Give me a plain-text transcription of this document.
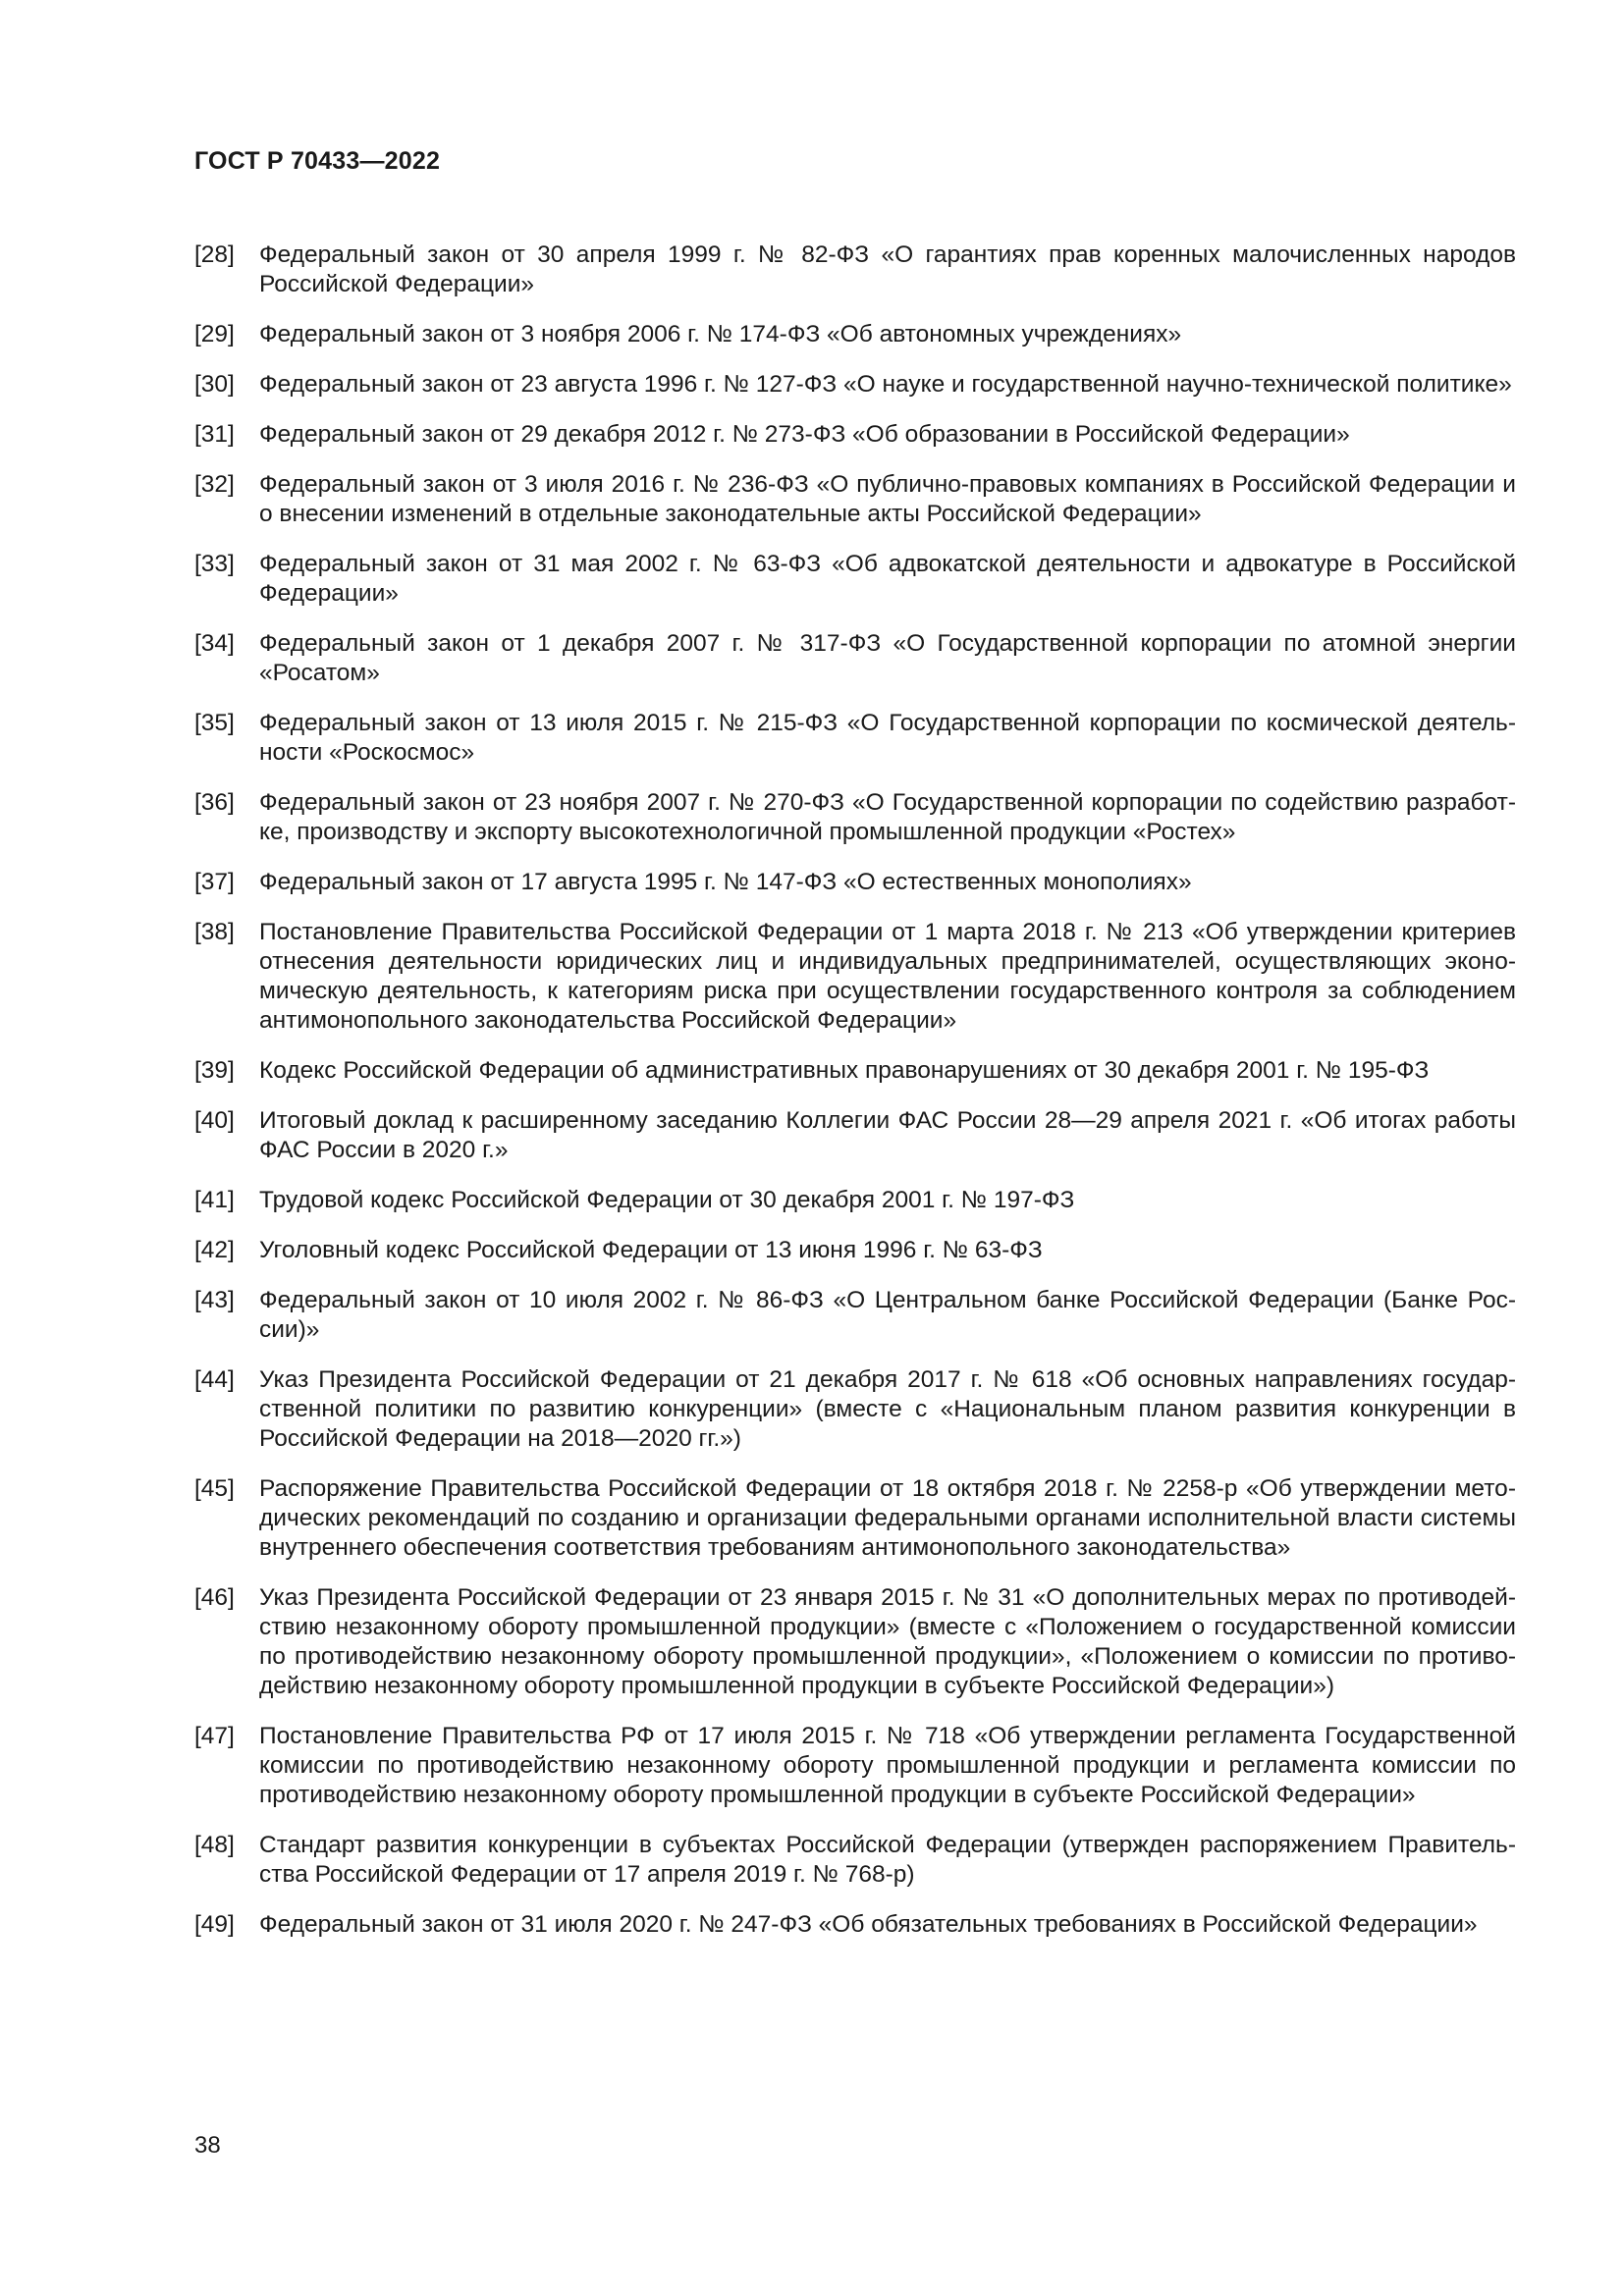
ГОСТ Р 70433—2022
[28]	Федеральный закон от 30 апреля 1999 г. № 82-ФЗ «О гарантиях прав коренных малочисленных народов Российской Федерации»
[29]	Федеральный закон от 3 ноября 2006 г. № 174-ФЗ «Об автономных учреждениях»
[30]	Федеральный закон от 23 августа 1996 г. № 127-ФЗ «О науке и государственной научно-технической политике»
[31]	Федеральный закон от 29 декабря 2012 г. № 273-ФЗ «Об образовании в Российской Федерации»
[32]	Федеральный закон от 3 июля 2016 г. № 236-ФЗ «О публично-правовых компаниях в Российской Федерации и о внесении изменений в отдельные законодательные акты Российской Федерации»
[33]	Федеральный закон от 31 мая 2002 г. № 63-ФЗ «Об адвокатской деятельности и адвокатуре в Российской Федерации»
[34]	Федеральный закон от 1 декабря 2007 г. № 317-ФЗ «О Государственной корпорации по атомной энергии «Росатом»
[35]	Федеральный закон от 13 июля 2015 г. № 215-ФЗ «О Государственной корпорации по космической деятельности «Роскосмос»
[36]	Федеральный закон от 23 ноября 2007 г. № 270-ФЗ «О Государственной корпорации по содействию разработке, производству и экспорту высокотехнологичной промышленной продукции «Ростех»
[37]	Федеральный закон от 17 августа 1995 г. № 147-ФЗ «О естественных монополиях»
[38]	Постановление Правительства Российской Федерации от 1 марта 2018 г. № 213 «Об утверждении критериев отнесения деятельности юридических лиц и индивидуальных предпринимателей, осуществляющих экономическую деятельность, к категориям риска при осуществлении государственного контроля за соблюдением антимонопольного законодательства Российской Федерации»
[39]	Кодекс Российской Федерации об административных правонарушениях от 30 декабря 2001 г. № 195-ФЗ
[40]	Итоговый доклад к расширенному заседанию Коллегии ФАС России 28—29 апреля 2021 г. «Об итогах работы ФАС России в 2020 г.»
[41]	Трудовой кодекс Российской Федерации от 30 декабря 2001 г. № 197-ФЗ
[42]	Уголовный кодекс Российской Федерации от 13 июня 1996 г. № 63-ФЗ
[43]	Федеральный закон от 10 июля 2002 г. № 86-ФЗ «О Центральном банке Российской Федерации (Банке России)»
[44]	Указ Президента Российской Федерации от 21 декабря 2017 г. № 618 «Об основных направлениях государственной политики по развитию конкуренции» (вместе с «Национальным планом развития конкуренции в Российской Федерации на 2018—2020 гг.»)
[45]	Распоряжение Правительства Российской Федерации от 18 октября 2018 г. № 2258-р «Об утверждении методических рекомендаций по созданию и организации федеральными органами исполнительной власти системы внутреннего обеспечения соответствия требованиям антимонопольного законодательства»
[46]	Указ Президента Российской Федерации от 23 января 2015 г. № 31 «О дополнительных мерах по противодействию незаконному обороту промышленной продукции» (вместе с «Положением о государственной комиссии по противодействию незаконному обороту промышленной продукции», «Положением о комиссии по противодействию незаконному обороту промышленной продукции в субъекте Российской Федерации»)
[47]	Постановление Правительства РФ от 17 июля 2015 г. № 718 «Об утверждении регламента Государственной комиссии по противодействию незаконному обороту промышленной продукции и регламента комиссии по противодействию незаконному обороту промышленной продукции в субъекте Российской Федерации»
[48]	Стандарт развития конкуренции в субъектах Российской Федерации (утвержден распоряжением Правительства Российской Федерации от 17 апреля 2019 г. № 768-р)
[49]	Федеральный закон от 31 июля 2020 г. № 247-ФЗ «Об обязательных требованиях в Российской Федерации»
38
